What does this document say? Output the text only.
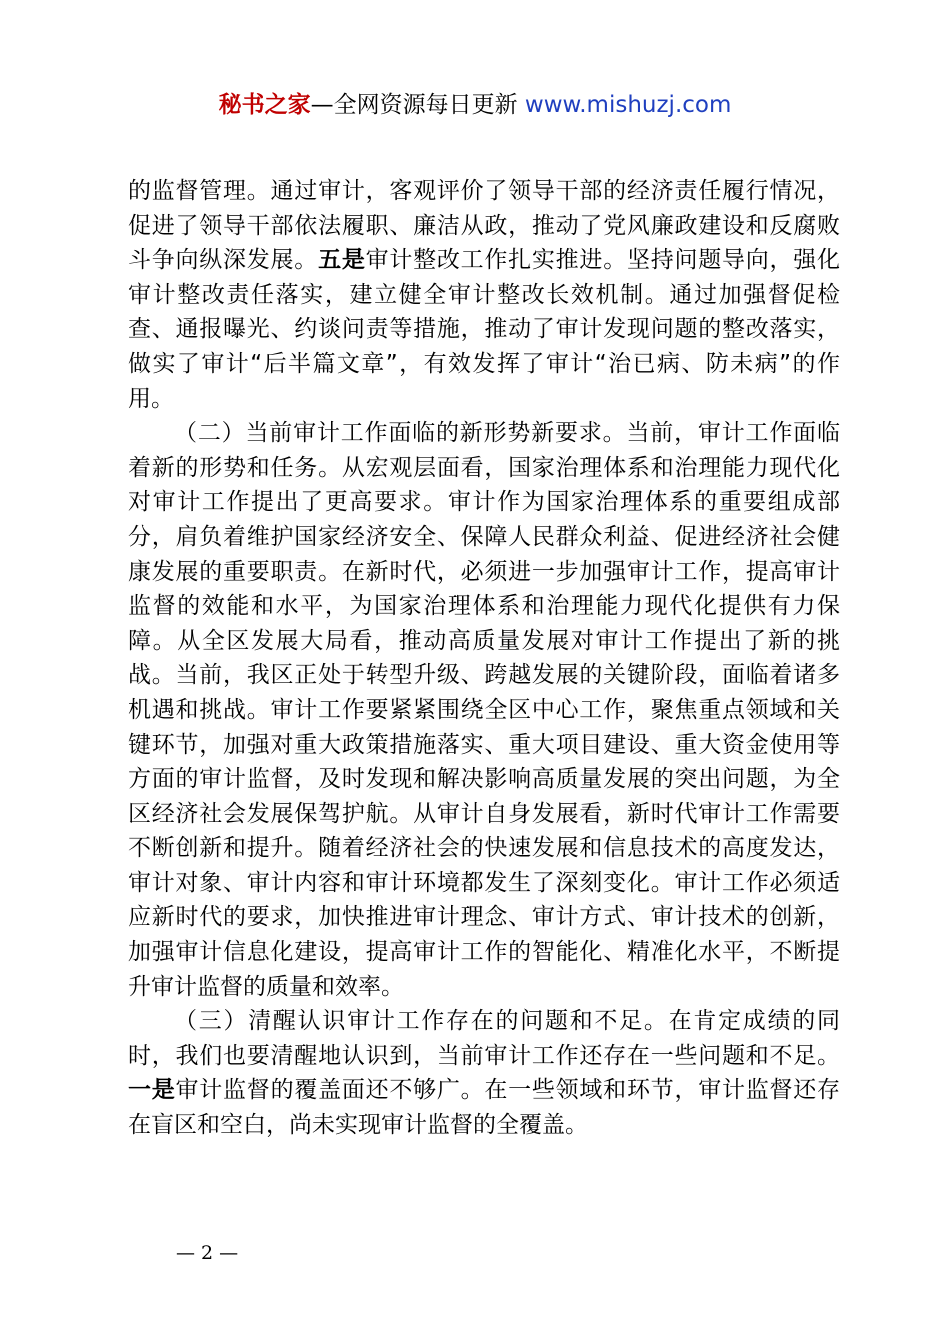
秘书之家—全网资源每日更新 www.mishuzj.com

的监督管理。通过审计，客观评价了领导干部的经济责任履行情况，促进了领导干部依法履职、廉洁从政，推动了党风廉政建设和反腐败斗争向纵深发展。五是审计整改工作扎实推进。坚持问题导向，强化审计整改责任落实，建立健全审计整改长效机制。通过加强督促检查、通报曝光、约谈问责等措施，推动了审计发现问题的整改落实，做实了审计“后半篇文章”，有效发挥了审计“治已病、防未病”的作用。

（二）当前审计工作面临的新形势新要求。当前，审计工作面临着新的形势和任务。从宏观层面看，国家治理体系和治理能力现代化对审计工作提出了更高要求。审计作为国家治理体系的重要组成部分，肩负着维护国家经济安全、保障人民群众利益、促进经济社会健康发展的重要职责。在新时代，必须进一步加强审计工作，提高审计监督的效能和水平，为国家治理体系和治理能力现代化提供有力保障。从全区发展大局看，推动高质量发展对审计工作提出了新的挑战。当前，我区正处于转型升级、跨越发展的关键阶段，面临着诸多机遇和挑战。审计工作要紧紧围绕全区中心工作，聚焦重点领域和关键环节，加强对重大政策措施落实、重大项目建设、重大资金使用等方面的审计监督，及时发现和解决影响高质量发展的突出问题，为全区经济社会发展保驾护航。从审计自身发展看，新时代审计工作需要不断创新和提升。随着经济社会的快速发展和信息技术的高度发达，审计对象、审计内容和审计环境都发生了深刻变化。审计工作必须适应新时代的要求，加快推进审计理念、审计方式、审计技术的创新，加强审计信息化建设，提高审计工作的智能化、精准化水平，不断提升审计监督的质量和效率。

（三）清醒认识审计工作存在的问题和不足。在肯定成绩的同时，我们也要清醒地认识到，当前审计工作还存在一些问题和不足。一是审计监督的覆盖面还不够广。在一些领域和环节，审计监督还存在盲区和空白，尚未实现审计监督的全覆盖。

— 2 —
